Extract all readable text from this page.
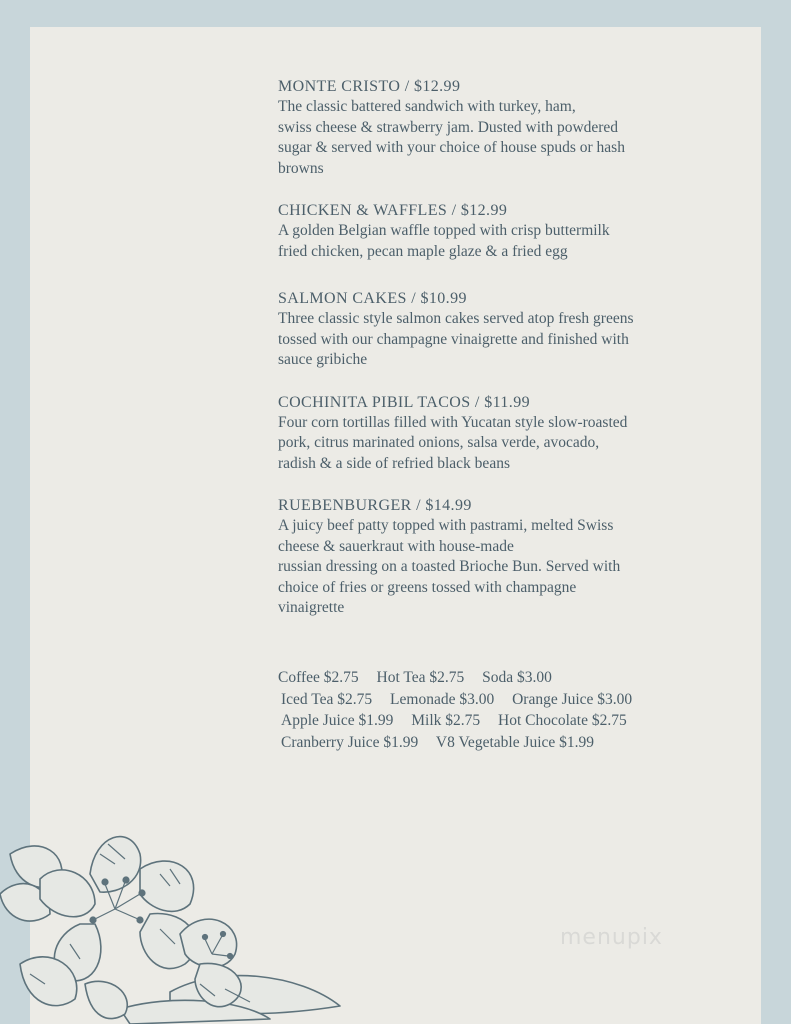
MONTE CRISTO / $12.99

The classic battered sandwich with turkey, ham,
swiss cheese & strawberry jam. Dusted with powdered
sugar & served with your choice of house spuds or hash
browns

CHICKEN & WAFFLES / $12.99

A golden Belgian waffle topped with crisp buttermilk
fried chicken, pecan maple glaze & a fried egg

SALMON CAKES / $10.99

Three classic style salmon cakes served atop fresh greens
tossed with our champagne vinaigrette and finished with
sauce gribiche

COCHINITA PIBIL TACOS / $11.99

Four corn tortillas filled with Yucatan style slow-roasted
pork, citrus marinated onions, salsa verde, avocado,
radish & a side of refried black beans

RUEBENBURGER / $14.99

A juicy beef patty topped with pastrami, melted Swiss
cheese & sauerkraut with house-made
russian dressing on a toasted Brioche Bun. Served with
choice of fries or greens tossed with champagne
vinaigrette

Coffee $2.75 Hot Tea $2.75 Soda $3.00
Iced Tea $2.75 Lemonade $3.00 Orange Juice $3.00
Apple Juice $1.99 Milk $2.75 Hot Chocolate $2.75
Cranberry Juice $1.99 V8 Vegetable Juice $1.99
menupix
